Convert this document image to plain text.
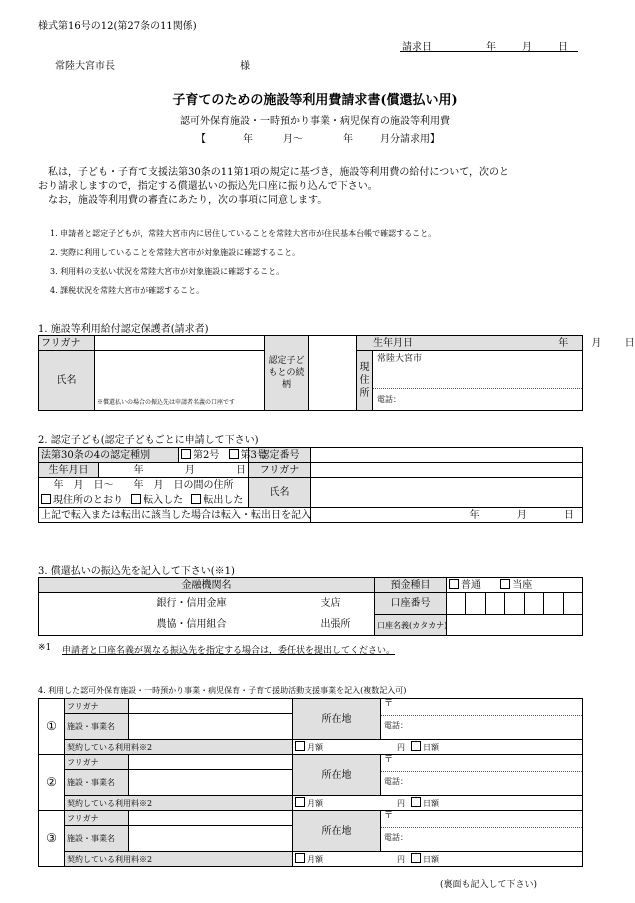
様式第16号の12(第27条の11関係)
請求日	年	月	日
常陸大宮市長	様
子育てのための施設等利用費請求書(償還払い用)
認可外保育施設・一時預かり事業・病児保育の施設等利用費
【	年	月〜	年	月分請求用】
私は，子ども・子育て支援法第30条の11第1項の規定に基づき，施設等利用費の給付について，次のと
おり請求しますので，指定する償還払いの振込先口座に振り込んで下さい。
なお，施設等利用費の審査にあたり，次の事項に同意します。
1. 申請者と認定子どもが，常陸大宮市内に居住していることを常陸大宮市が住民基本台帳で確認すること。
2. 実際に利用していることを常陸大宮市が対象施設に確認すること。
3. 利用料の支払い状況を常陸大宮市が対象施設に確認すること。
4. 課税状況を常陸大宮市が確認すること。
1. 施設等利用給付認定保護者(請求者)
フリガナ		認定子どもとの続柄		生年月日 年 月 日	
氏名	※償還払いの場合の振込先は申請者名義の口座です			現住所	常陸大宮市
電話：
2. 認定子ども(認定子どもごとに申請して下さい)
法第30条の4の認定種別		第2号 第3号	認定番号	
生年月日	年 月 日		フリガナ	
年　月　日〜　　年　月　日の間の住所			氏名	
現住所のとおり 転入した 転出した				
上記で転入または転出に該当した場合は転入・転出日を記入				年 月 日
3. 償還払いの振込先を記入して下さい(※1)
金融機関名			預金種目	普通 当座
銀行・信用金庫		支店	口座番号	

農協・信用組合		出張所	口座名義(カタカナ)	
※1 申請者と口座名義が異なる振込先を指定する場合は，委任状を提出してください。
4. 利用した認可外保育施設・一時預かり事業・病児保育・子育て援助活動支援事業を記入(複数記入可)
①	フリガナ		所在地	〒
電話：	

	施設・事業名				
	契約している利用料※2		月額 円 日額	
②	フリガナ		所在地	〒
電話：	

	施設・事業名				
	契約している利用料※2		月額 円 日額	
③	フリガナ		所在地	〒
電話：	

	施設・事業名				
	契約している利用料※2		月額 円 日額	
(裏面も記入して下さい)
